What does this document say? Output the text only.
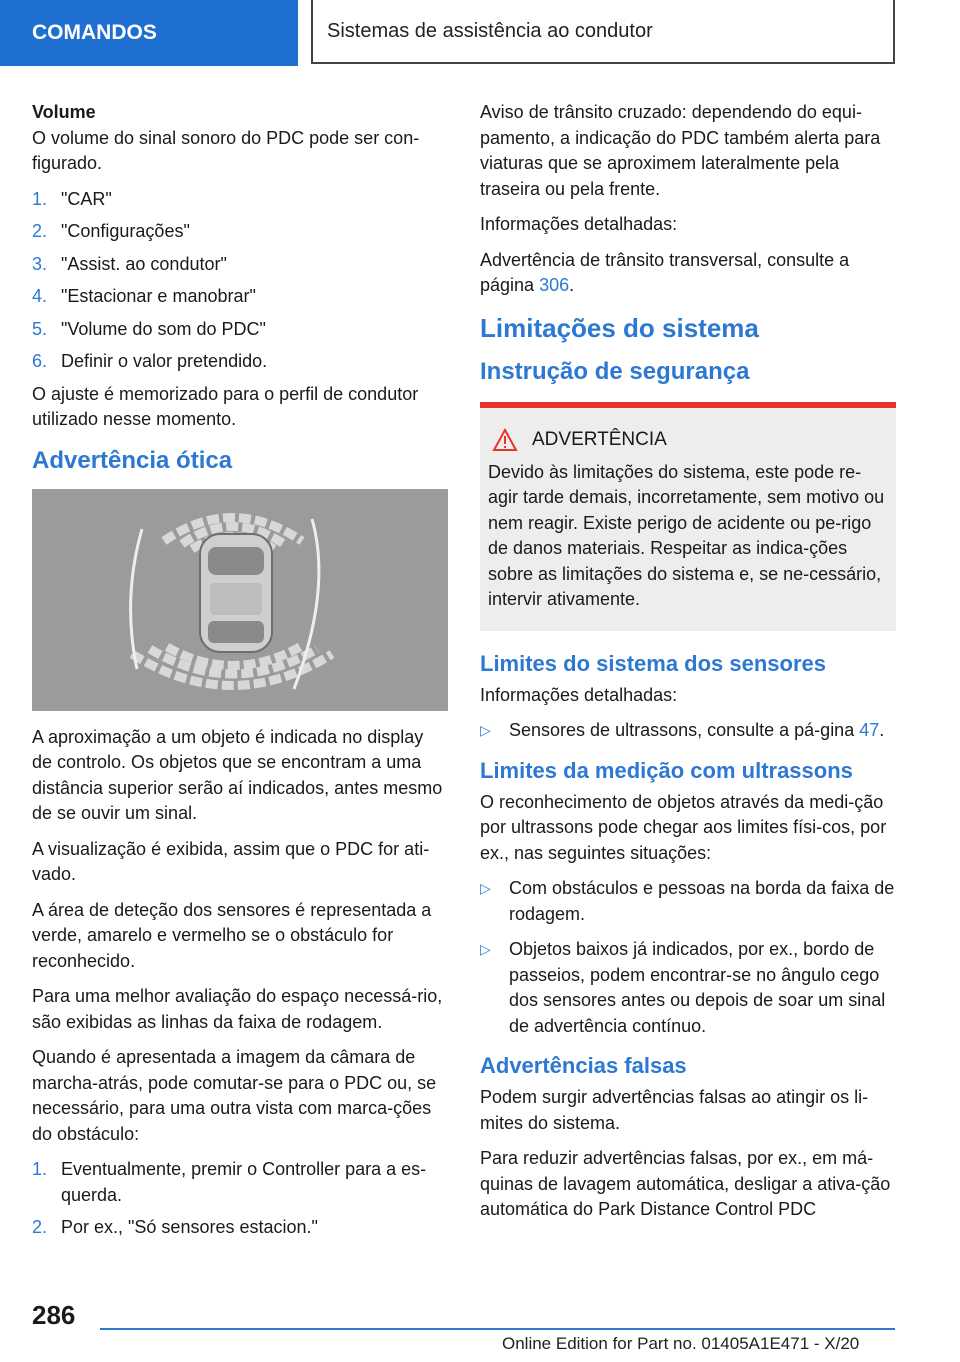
COMANDOS	Sistemas de assistência ao condutor

Volume

O volume do sinal sonoro do PDC pode ser con-figurado.

1. "CAR"
2. "Configurações"
3. "Assist. ao condutor"
4. "Estacionar e manobrar"
5. "Volume do som do PDC"
6. Definir o valor pretendido.

O ajuste é memorizado para o perfil de condutor utilizado nesse momento.

Advertência ótica

A aproximação a um objeto é indicada no display de controlo. Os objetos que se encontram a uma distância superior serão aí indicados, antes mesmo de se ouvir um sinal.

A visualização é exibida, assim que o PDC for ati-vado.

A área de deteção dos sensores é representada a verde, amarelo e vermelho se o obstáculo for reconhecido.

Para uma melhor avaliação do espaço necessá-rio, são exibidas as linhas da faixa de rodagem.

Quando é apresentada a imagem da câmara de marcha-atrás, pode comutar-se para o PDC ou, se necessário, para uma outra vista com marca-ções do obstáculo:

1. Eventualmente, premir o Controller para a es-querda.
2. Por ex., "Só sensores estacion."

Aviso de trânsito cruzado: dependendo do equi-pamento, a indicação do PDC também alerta para viaturas que se aproximem lateralmente pela traseira ou pela frente.

Informações detalhadas:

Advertência de trânsito transversal, consulte a página 306.

Limitações do sistema
Instrução de segurança
ADVERTÊNCIA

Devido às limitações do sistema, este pode re-agir tarde demais, incorretamente, sem motivo ou nem reagir. Existe perigo de acidente ou pe-rigo de danos materiais. Respeitar as indica-ções sobre as limitações do sistema e, se ne-cessário, intervir ativamente.

Limites do sistema dos sensores

Informações detalhadas:

▷	Sensores de ultrassons, consulte a pá-gina 47.
Limites da medição com ultrassons

O reconhecimento de objetos através da medi-ção por ultrassons pode chegar aos limites físi-cos, por ex., nas seguintes situações:

▷	Com obstáculos e pessoas na borda da faixa de rodagem.
▷	Objetos baixos já indicados, por ex., bordo de passeios, podem encontrar-se no ângulo cego dos sensores antes ou depois de soar um sinal de advertência contínuo.
Advertências falsas

Podem surgir advertências falsas ao atingir os li-mites do sistema.

Para reduzir advertências falsas, por ex., em má-quinas de lavagem automática, desligar a ativa-ção automática do Park Distance Control PDC

286
Online Edition for Part no. 01405A1E471 - X/20
